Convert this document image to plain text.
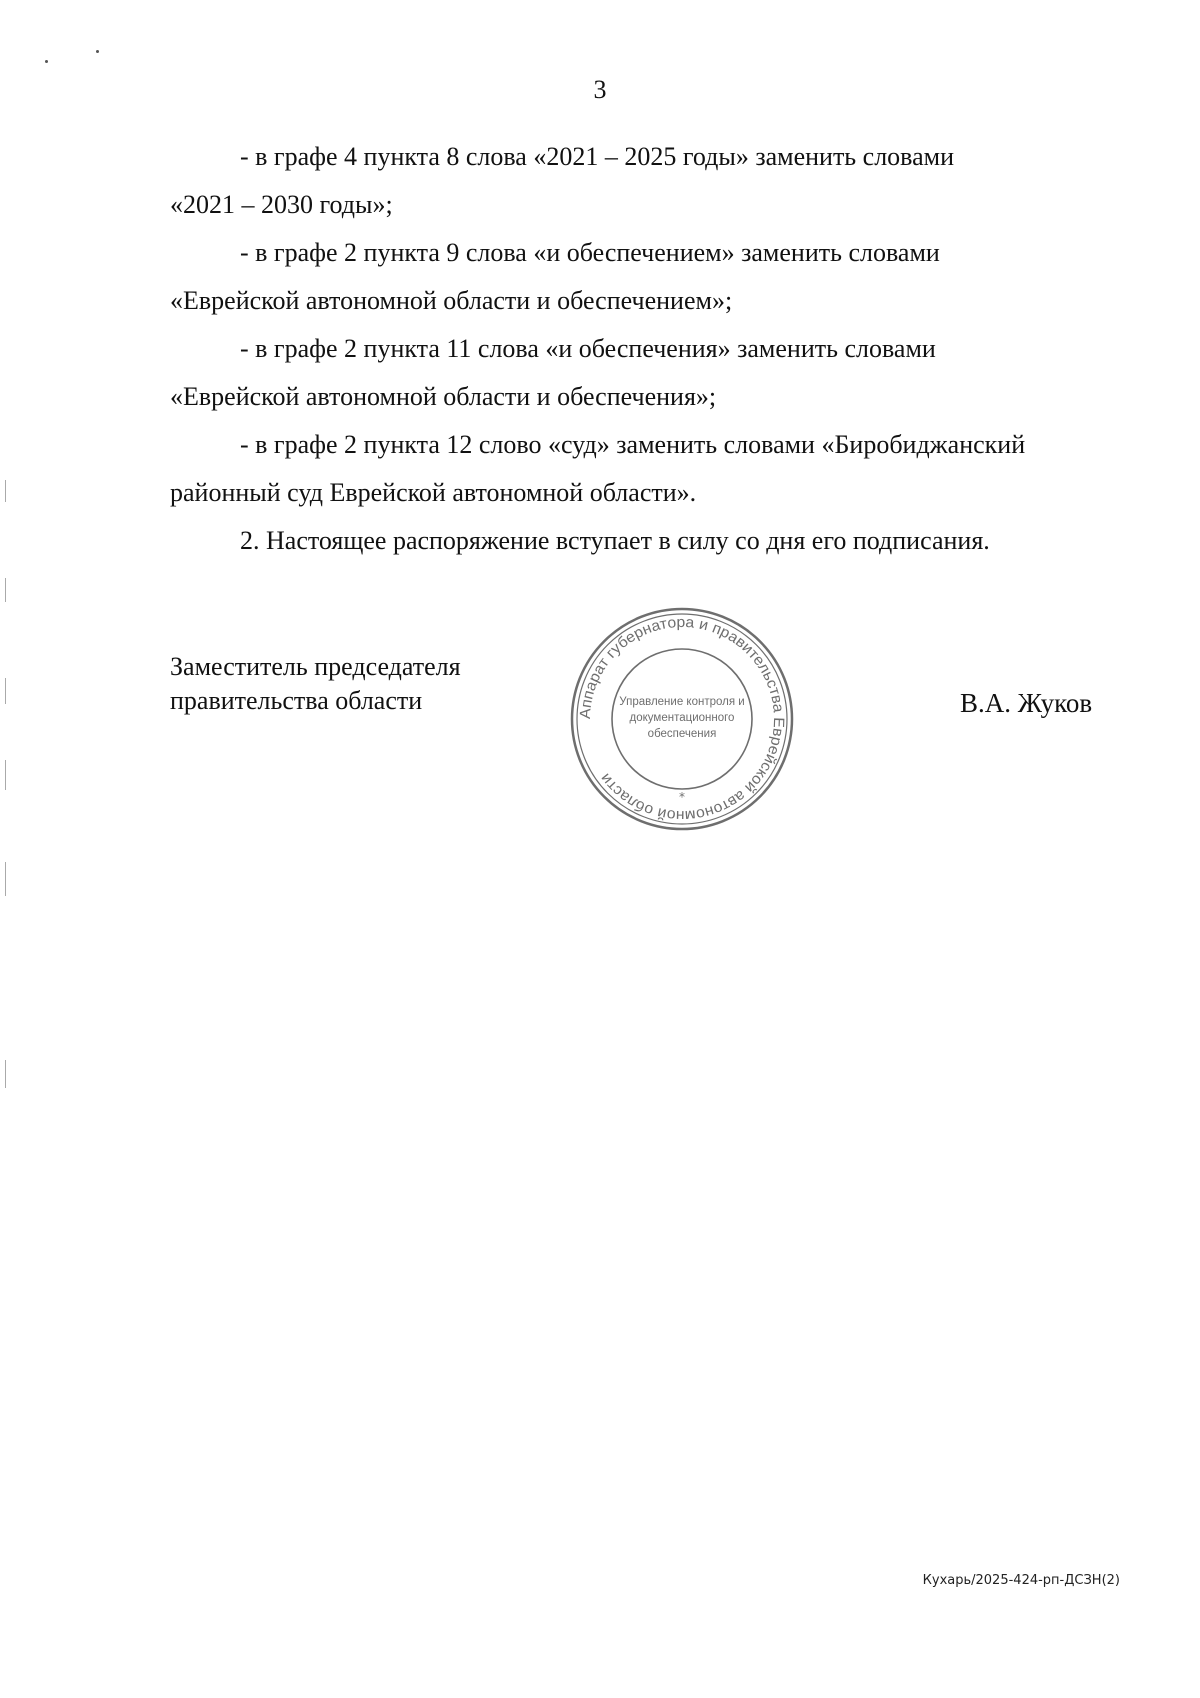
3

- в графе 4 пункта 8 слова «2021 – 2025 годы» заменить словами
«2021 – 2030 годы»;

- в графе 2 пункта 9 слова «и обеспечением» заменить словами
«Еврейской автономной области и обеспечением»;

- в графе 2 пункта 11 слова «и обеспечения» заменить словами
«Еврейской автономной области и обеспечения»;

- в графе 2 пункта 12 слово «суд» заменить словами «Биробиджанский
районный суд Еврейской автономной области».

2. Настоящее распоряжение вступает в силу со дня его подписания.

Заместитель председателя
правительства области	Аппарат губернатора и правительства Еврейской автономной области
*
Управление контроля и
документационного
обеспечения
В.А. Жуков
Кухарь/2025-424-рп-ДСЗН(2)
